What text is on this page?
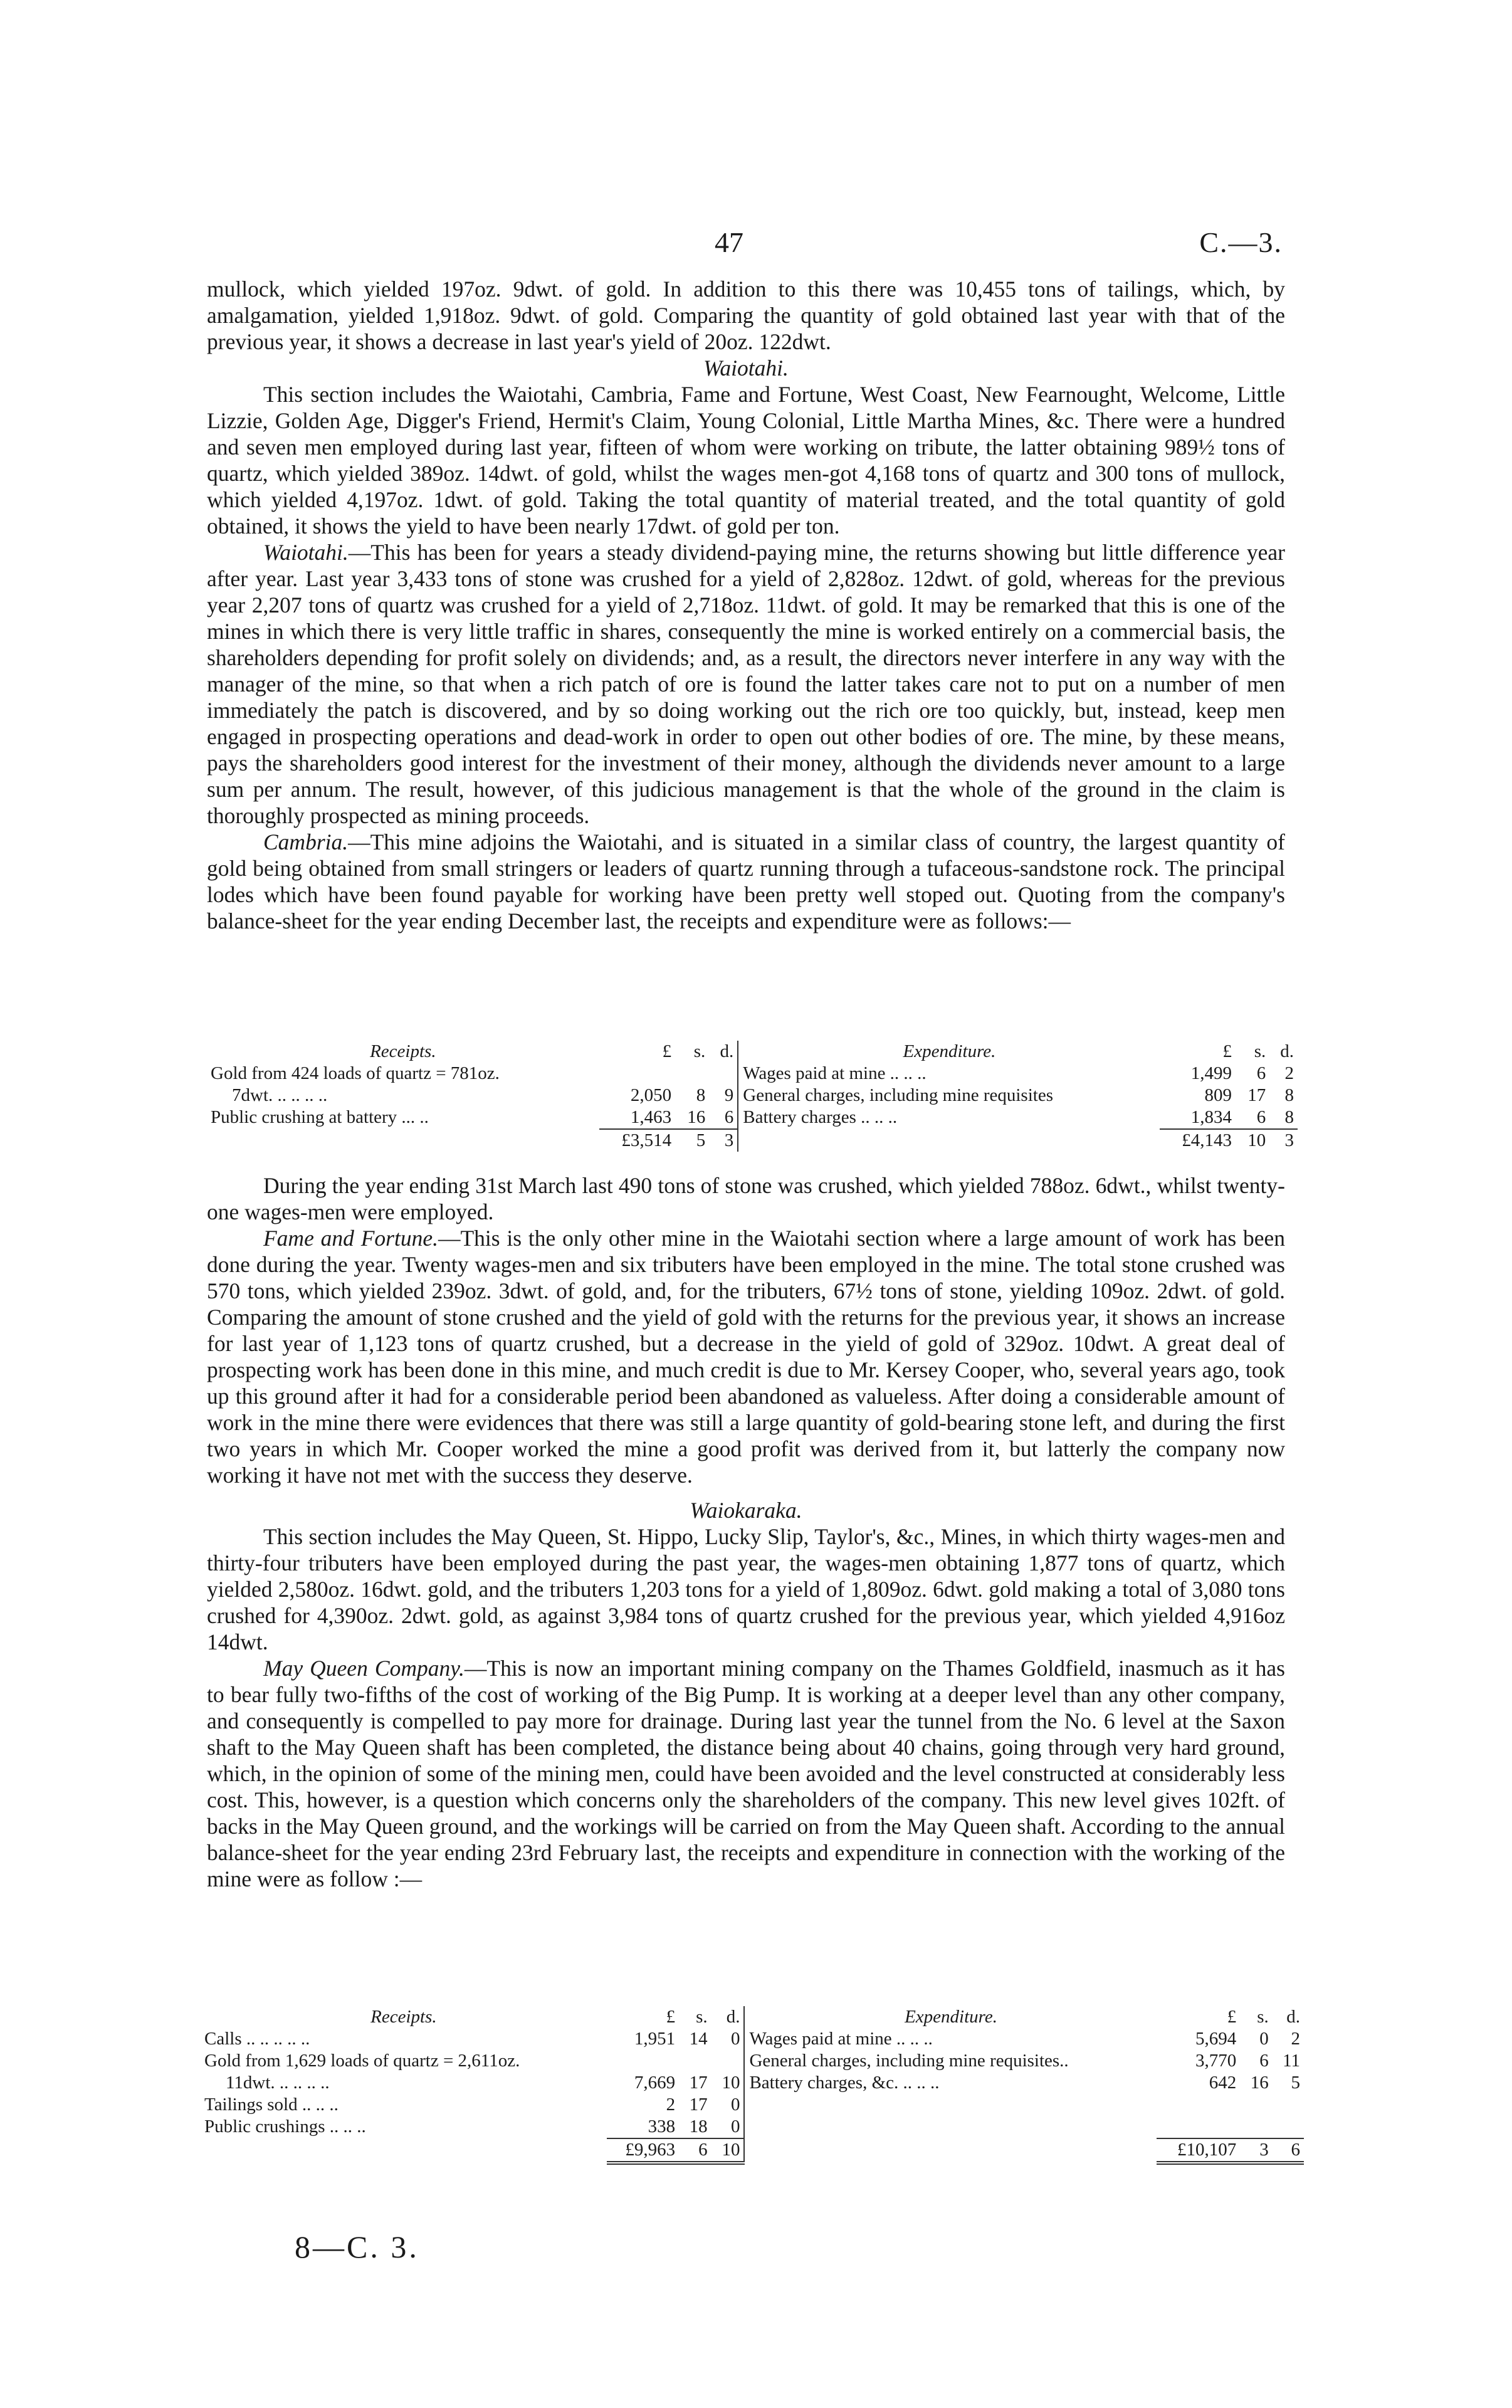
47	C.—3.

mullock, which yielded 197oz. 9dwt. of gold. In addition to this there was 10,455 tons of tailings, which, by amalgamation, yielded 1,918oz. 9dwt. of gold. Comparing the quantity of gold obtained last year with that of the previous year, it shows a decrease in last year's yield of 20oz. 122dwt.

Waiotahi.

This section includes the Waiotahi, Cambria, Fame and Fortune, West Coast, New Fearnought, Welcome, Little Lizzie, Golden Age, Digger's Friend, Hermit's Claim, Young Colonial, Little Martha Mines, &c. There were a hundred and seven men employed during last year, fifteen of whom were working on tribute, the latter obtaining 989½ tons of quartz, which yielded 389oz. 14dwt. of gold, whilst the wages men-got 4,168 tons of quartz and 300 tons of mullock, which yielded 4,197oz. 1dwt. of gold. Taking the total quantity of material treated, and the total quantity of gold obtained, it shows the yield to have been nearly 17dwt. of gold per ton.

Waiotahi.—This has been for years a steady dividend-paying mine, the returns showing but little difference year after year. Last year 3,433 tons of stone was crushed for a yield of 2,828oz. 12dwt. of gold, whereas for the previous year 2,207 tons of quartz was crushed for a yield of 2,718oz. 11dwt. of gold. It may be remarked that this is one of the mines in which there is very little traffic in shares, consequently the mine is worked entirely on a commercial basis, the shareholders depending for profit solely on dividends; and, as a result, the directors never interfere in any way with the manager of the mine, so that when a rich patch of ore is found the latter takes care not to put on a number of men immediately the patch is discovered, and by so doing working out the rich ore too quickly, but, instead, keep men engaged in prospecting operations and dead-work in order to open out other bodies of ore. The mine, by these means, pays the shareholders good interest for the investment of their money, although the dividends never amount to a large sum per annum. The result, however, of this judicious management is that the whole of the ground in the claim is thoroughly prospected as mining proceeds.

Cambria.—This mine adjoins the Waiotahi, and is situated in a similar class of country, the largest quantity of gold being obtained from small stringers or leaders of quartz running through a tufaceous-sandstone rock. The principal lodes which have been found payable for working have been pretty well stoped out. Quoting from the company's balance-sheet for the year ending December last, the receipts and expenditure were as follows:—

Receipts.	£	s.	d.		Expenditure.	£	s.	d.
Gold from 424 loads of quartz = 781oz.					Wages paid at mine .. .. ..	1,499	6	2
7dwt. .. .. .. ..	2,050	8	9		General charges, including mine requisites	809	17	8
Public crushing at battery ... ..	1,463	16	6		Battery charges .. .. ..	1,834	6	8
	£3,514	5	3			£4,143	10	3

During the year ending 31st March last 490 tons of stone was crushed, which yielded 788oz. 6dwt., whilst twenty-one wages-men were employed.

Fame and Fortune.—This is the only other mine in the Waiotahi section where a large amount of work has been done during the year. Twenty wages-men and six tributers have been employed in the mine. The total stone crushed was 570 tons, which yielded 239oz. 3dwt. of gold, and, for the tributers, 67½ tons of stone, yielding 109oz. 2dwt. of gold. Comparing the amount of stone crushed and the yield of gold with the returns for the previous year, it shows an increase for last year of 1,123 tons of quartz crushed, but a decrease in the yield of gold of 329oz. 10dwt. A great deal of prospecting work has been done in this mine, and much credit is due to Mr. Kersey Cooper, who, several years ago, took up this ground after it had for a considerable period been abandoned as valueless. After doing a considerable amount of work in the mine there were evidences that there was still a large quantity of gold-bearing stone left, and during the first two years in which Mr. Cooper worked the mine a good profit was derived from it, but latterly the company now working it have not met with the success they deserve.

Waiokaraka.

This section includes the May Queen, St. Hippo, Lucky Slip, Taylor's, &c., Mines, in which thirty wages-men and thirty-four tributers have been employed during the past year, the wages-men obtaining 1,877 tons of quartz, which yielded 2,580oz. 16dwt. gold, and the tributers 1,203 tons for a yield of 1,809oz. 6dwt. gold making a total of 3,080 tons crushed for 4,390oz. 2dwt. gold, as against 3,984 tons of quartz crushed for the previous year, which yielded 4,916oz 14dwt.

May Queen Company.—This is now an important mining company on the Thames Goldfield, inasmuch as it has to bear fully two-fifths of the cost of working of the Big Pump. It is working at a deeper level than any other company, and consequently is compelled to pay more for drainage. During last year the tunnel from the No. 6 level at the Saxon shaft to the May Queen shaft has been completed, the distance being about 40 chains, going through very hard ground, which, in the opinion of some of the mining men, could have been avoided and the level constructed at considerably less cost. This, however, is a question which concerns only the shareholders of the company. This new level gives 102ft. of backs in the May Queen ground, and the workings will be carried on from the May Queen shaft. According to the annual balance-sheet for the year ending 23rd February last, the receipts and expenditure in connection with the working of the mine were as follow :—

Receipts.	£	s.	d.		Expenditure.	£	s.	d.
Calls .. .. .. .. ..	1,951	14	0		Wages paid at mine .. .. ..	5,694	0	2
Gold from 1,629 loads of quartz = 2,611oz.					General charges, including mine requisites..	3,770	6	11
11dwt. .. .. .. ..	7,669	17	10		Battery charges, &c. .. .. ..	642	16	5
Tailings sold .. .. ..	2	17	0					
Public crushings .. .. ..	338	18	0					
	£9,963	6	10			£10,107	3	6
8—C. 3.
